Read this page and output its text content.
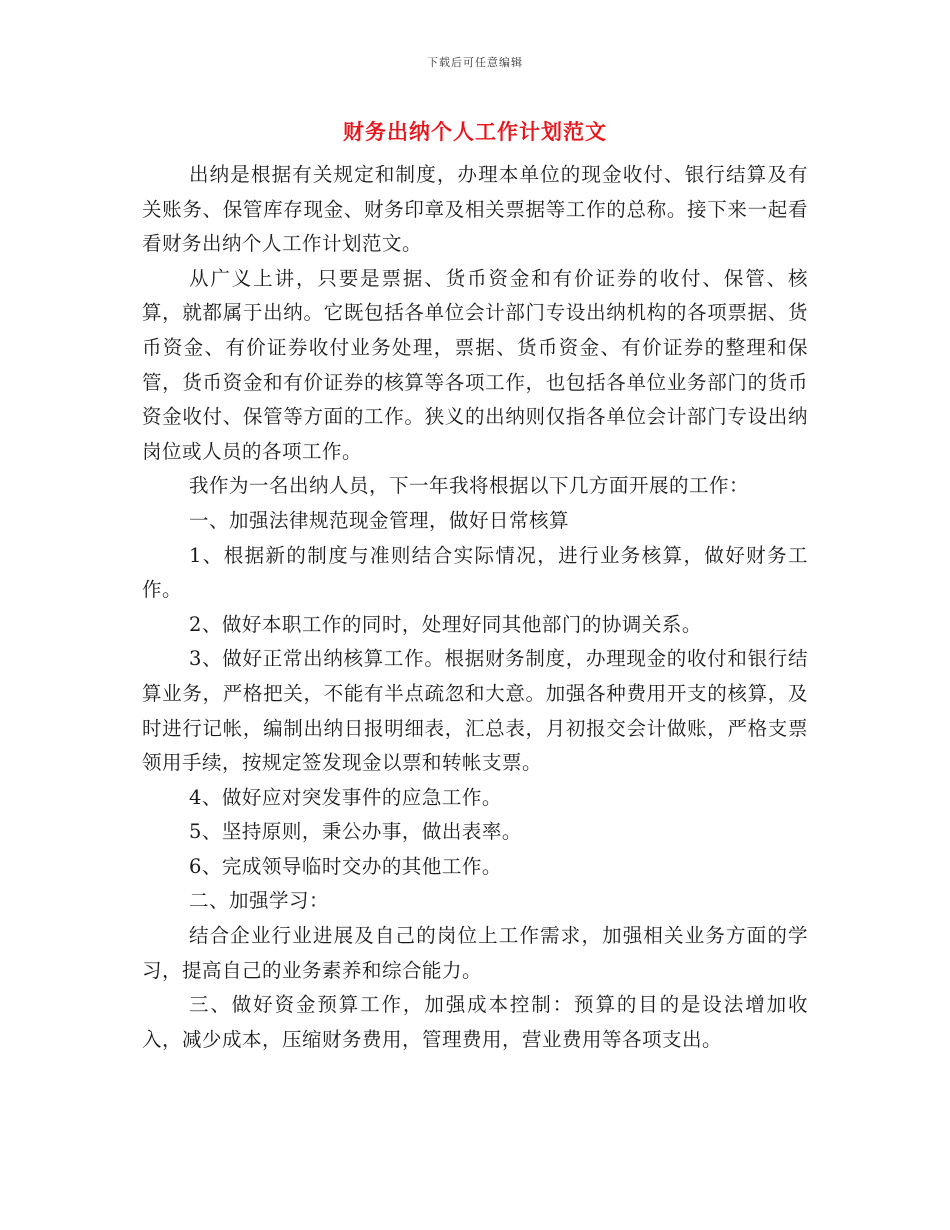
下载后可任意编辑
财务出纳个人工作计划范文

出纳是根据有关规定和制度，办理本单位的现金收付、银行结算及有关账务、保管库存现金、财务印章及相关票据等工作的总称。接下来一起看看财务出纳个人工作计划范文。

从广义上讲，只要是票据、货币资金和有价证券的收付、保管、核算，就都属于出纳。它既包括各单位会计部门专设出纳机构的各项票据、货币资金、有价证券收付业务处理，票据、货币资金、有价证券的整理和保管，货币资金和有价证券的核算等各项工作，也包括各单位业务部门的货币资金收付、保管等方面的工作。狭义的出纳则仅指各单位会计部门专设出纳岗位或人员的各项工作。

我作为一名出纳人员，下一年我将根据以下几方面开展的工作：

一、加强法律规范现金管理，做好日常核算

1、根据新的制度与准则结合实际情况，进行业务核算，做好财务工作。

2、做好本职工作的同时，处理好同其他部门的协调关系。

3、做好正常出纳核算工作。根据财务制度，办理现金的收付和银行结算业务，严格把关，不能有半点疏忽和大意。加强各种费用开支的核算，及时进行记帐，编制出纳日报明细表，汇总表，月初报交会计做账，严格支票领用手续，按规定签发现金以票和转帐支票。

4、做好应对突发事件的应急工作。

5、坚持原则，秉公办事，做出表率。

6、完成领导临时交办的其他工作。

二、加强学习：

结合企业行业进展及自己的岗位上工作需求，加强相关业务方面的学习，提高自己的业务素养和综合能力。

三、做好资金预算工作，加强成本控制：预算的目的是设法增加收入，减少成本，压缩财务费用，管理费用，营业费用等各项支出。
